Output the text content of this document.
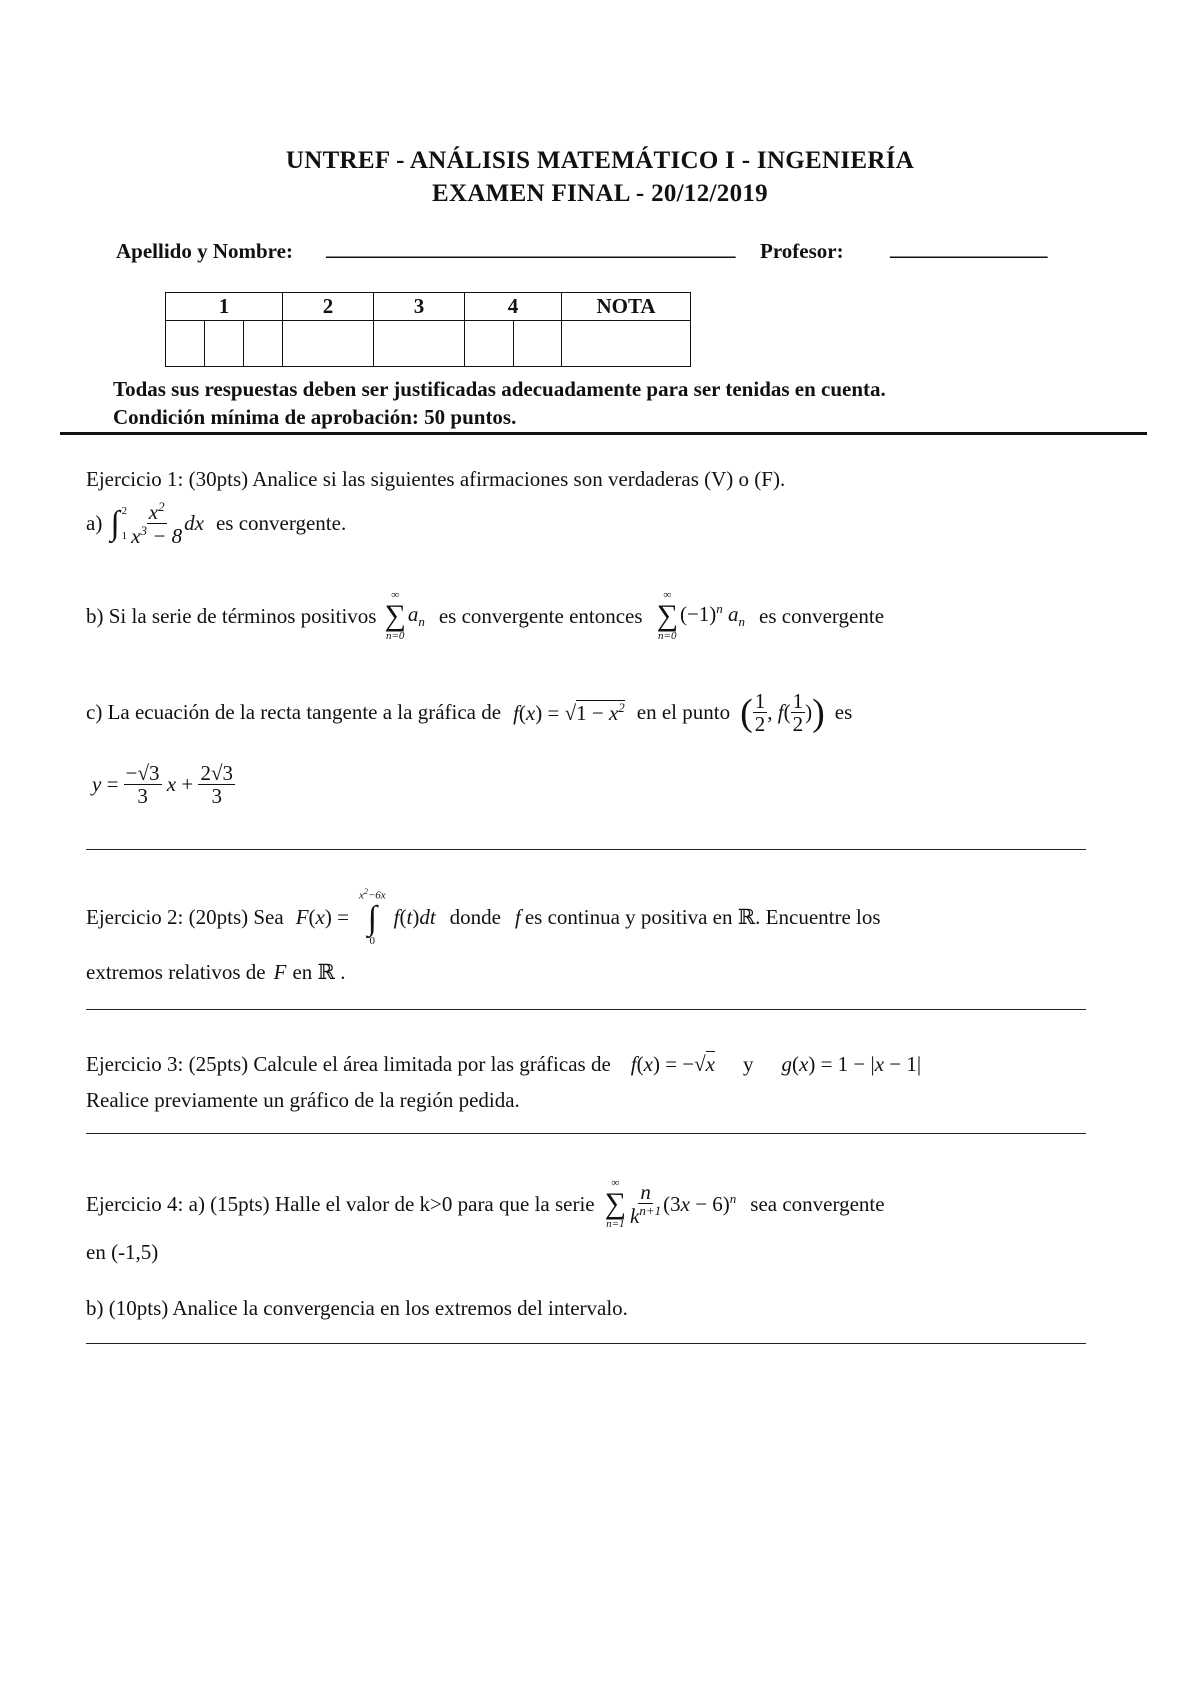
UNTREF - ANÁLISIS MATEMÁTICO I - INGENIERÍA
EXAMEN FINAL - 20/12/2019
Apellido y Nombre: _______________________________________ Profesor: _______________
1			2	3	4		NOTA

Todas sus respuestas deben ser justificadas adecuadamente para ser tenidas en cuenta.
Condición mínima de aprobación: 50 puntos.
Ejercicio 1: (30pts) Analice si las siguientes afirmaciones son verdaderas (V) o (F).
a) ∫ 2
$1 \frac{x^2}{x^3 - 8}$ dx es convergente.
b) Si la serie de términos positivos
∞
∑
n=0
$a_n$ es convergente entonces
∞
∑
n=0
$(-1)^n$ $a_n$ es convergente
c) La ecuación de la recta tangente a la gráfica de $f(x) = √1 - x^2$ en el punto ( $\frac{1}{2}$ , f ( $\frac{1}{2}$ ) ) es
$y = \frac{-√3}{3}$ $x + \frac{2√3}{3}$
Ejercicio 2: (20pts) Sea F(x) =
$x^2-6x$
∫
0
f(t)dt donde f es continua y positiva en ℝ. Encuentre los
extremos relativos de F en ℝ .
Ejercicio 3: (25pts) Calcule el área limitada por las gráficas de f(x) = −√x y g(x) = 1 − |x − 1|
Realice previamente un gráfico de la región pedida.
Ejercicio 4: a) (15pts) Halle el valor de k>0 para que la serie
∞
∑
$n=1 \frac{n}{k^{n+1}} (3x - 6)^n$ sea convergente
en (-1,5)
b) (10pts) Analice la convergencia en los extremos del intervalo.
